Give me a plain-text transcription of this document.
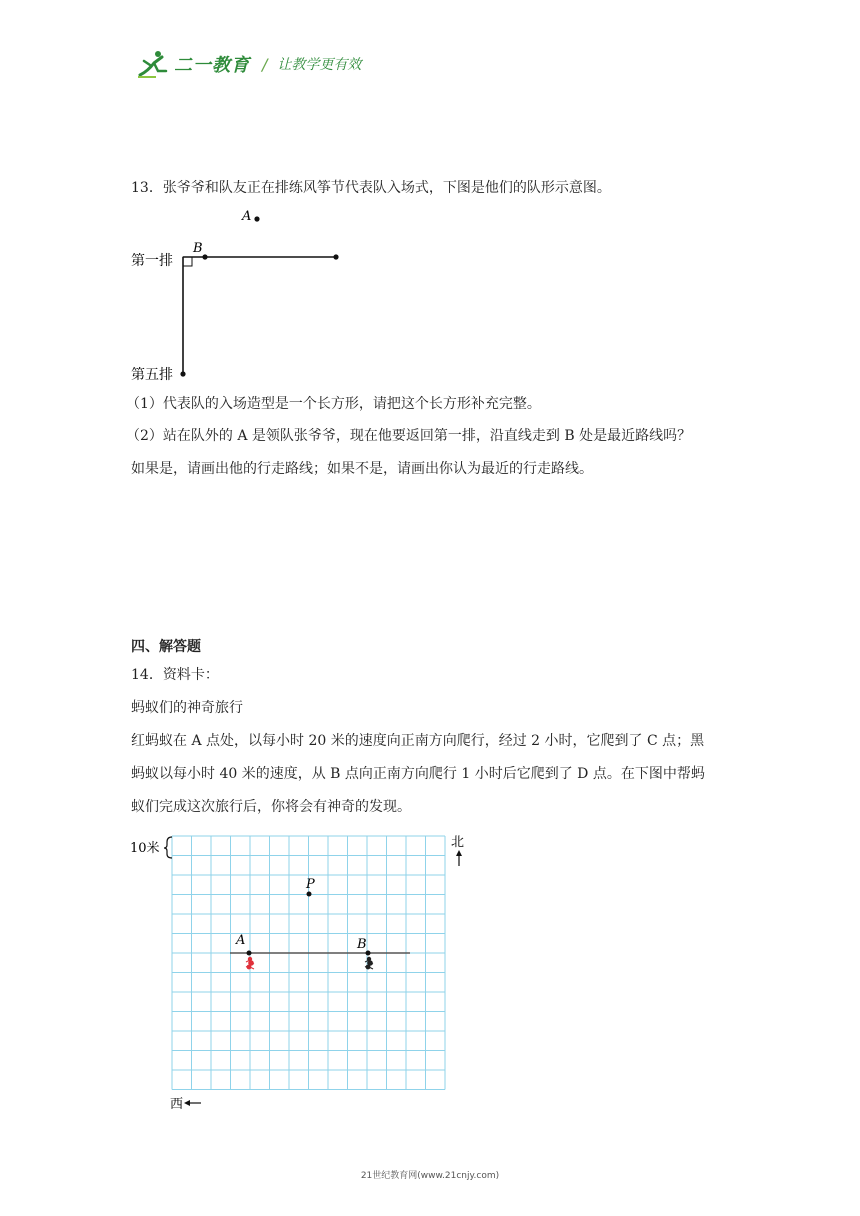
二一教育 / 让教学更有效
13．张爷爷和队友正在排练风筝节代表队入场式，下图是他们的队形示意图。
A
B
第一排
第五排
（1）代表队的入场造型是一个长方形，请把这个长方形补充完整。
（2）站在队外的 A 是领队张爷爷，现在他要返回第一排，沿直线走到 B 处是最近路线吗？
如果是，请画出他的行走路线；如果不是，请画出你认为最近的行走路线。
四、解答题
14．资料卡：
蚂蚁们的神奇旅行
红蚂蚁在 A 点处，以每小时 20 米的速度向正南方向爬行，经过 2 小时，它爬到了 C 点；黑
蚂蚁以每小时 40 米的速度，从 B 点向正南方向爬行 1 小时后它爬到了 D 点。在下图中帮蚂
蚁们完成这次旅行后，你将会有神奇的发现。
10米	北
西
P
A	B
21世纪教育网(www.21cnjy.com)
